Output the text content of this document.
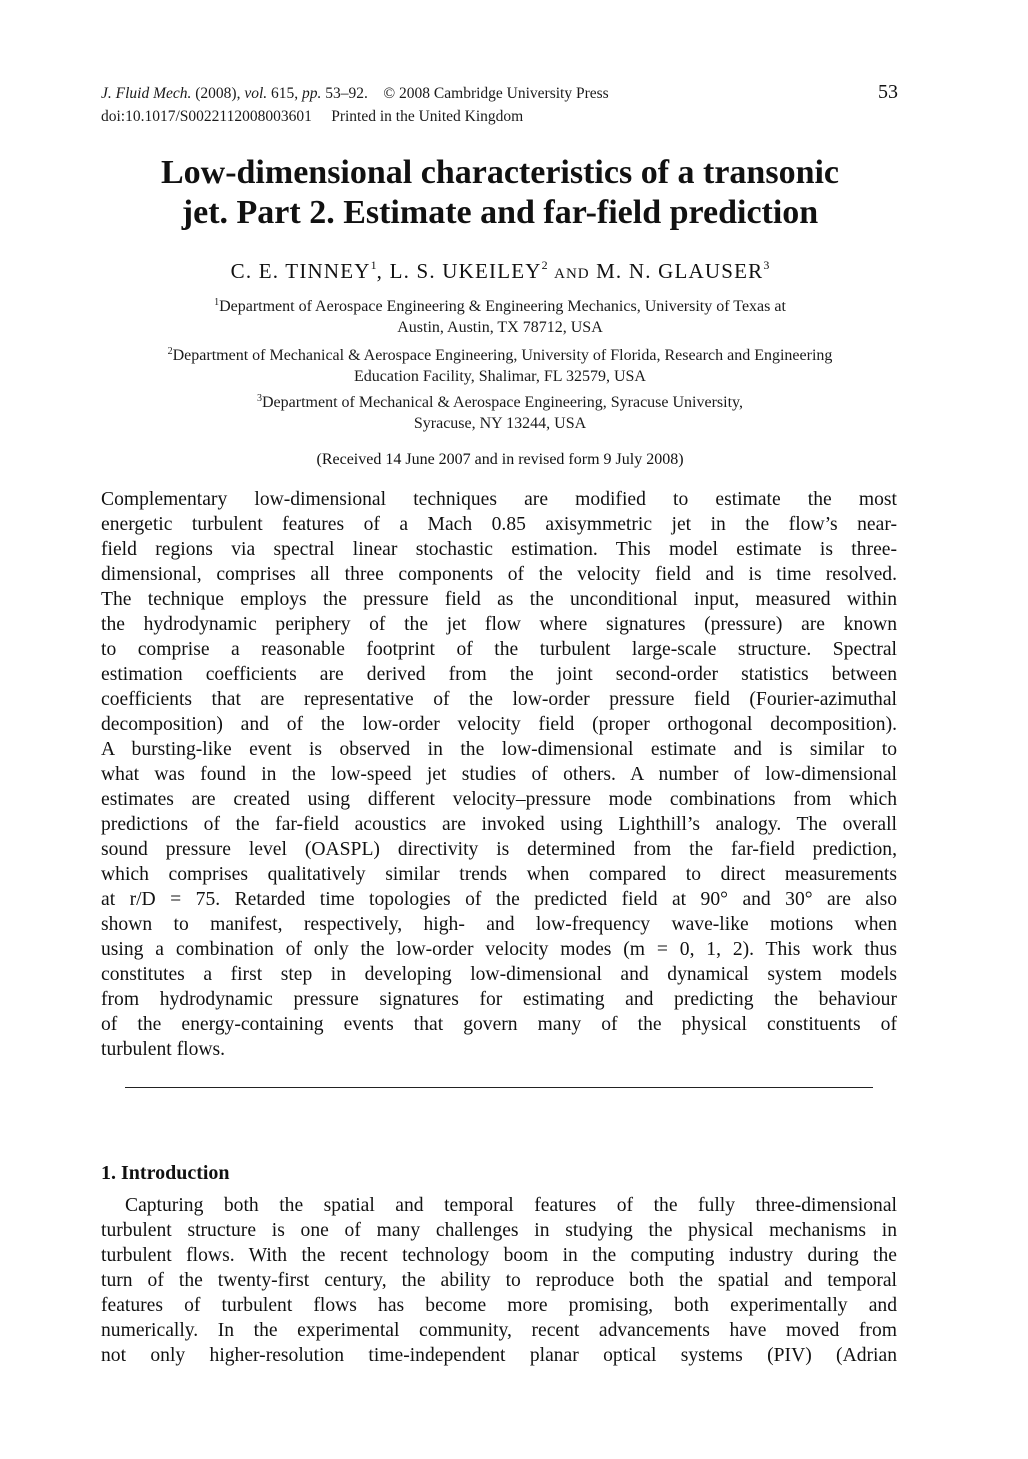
J. Fluid Mech. (2008), vol. 615, pp. 53–92. © 2008 Cambridge University Press
doi:10.1017/S0022112008003601 Printed in the United Kingdom
53
Low-dimensional characteristics of a transonic
jet. Part 2. Estimate and far-field prediction
C. E. TINNEY$^1$, L. S. UKEILEY$^2$ AND M. N. GLAUSER$^3$
$^1$Department of Aerospace Engineering & Engineering Mechanics, University of Texas at
Austin, Austin, TX 78712, USA
$^2$Department of Mechanical & Aerospace Engineering, University of Florida, Research and Engineering
Education Facility, Shalimar, FL 32579, USA
$^3$Department of Mechanical & Aerospace Engineering, Syracuse University,
Syracuse, NY 13244, USA
(Received 14 June 2007 and in revised form 9 July 2008)
Complementary low-dimensional techniques are modified to estimate the most
energetic turbulent features of a Mach 0.85 axisymmetric jet in the flow’s near-
field regions via spectral linear stochastic estimation. This model estimate is three-
dimensional, comprises all three components of the velocity field and is time resolved.
The technique employs the pressure field as the unconditional input, measured within
the hydrodynamic periphery of the jet flow where signatures (pressure) are known
to comprise a reasonable footprint of the turbulent large-scale structure. Spectral
estimation coefficients are derived from the joint second-order statistics between
coefficients that are representative of the low-order pressure field (Fourier-azimuthal
decomposition) and of the low-order velocity field (proper orthogonal decomposition).
A bursting-like event is observed in the low-dimensional estimate and is similar to
what was found in the low-speed jet studies of others. A number of low-dimensional
estimates are created using different velocity–pressure mode combinations from which
predictions of the far-field acoustics are invoked using Lighthill’s analogy. The overall
sound pressure level (OASPL) directivity is determined from the far-field prediction,
which comprises qualitatively similar trends when compared to direct measurements
at r/D = 75. Retarded time topologies of the predicted field at 90° and 30° are also
shown to manifest, respectively, high- and low-frequency wave-like motions when
using a combination of only the low-order velocity modes (m = 0, 1, 2). This work thus
constitutes a first step in developing low-dimensional and dynamical system models
from hydrodynamic pressure signatures for estimating and predicting the behaviour
of the energy-containing events that govern many of the physical constituents of
turbulent flows.
1. Introduction
Capturing both the spatial and temporal features of the fully three-dimensional
turbulent structure is one of many challenges in studying the physical mechanisms in
turbulent flows. With the recent technology boom in the computing industry during the
turn of the twenty-first century, the ability to reproduce both the spatial and temporal
features of turbulent flows has become more promising, both experimentally and
numerically. In the experimental community, recent advancements have moved from
not only higher-resolution time-independent planar optical systems (PIV) (Adrian
